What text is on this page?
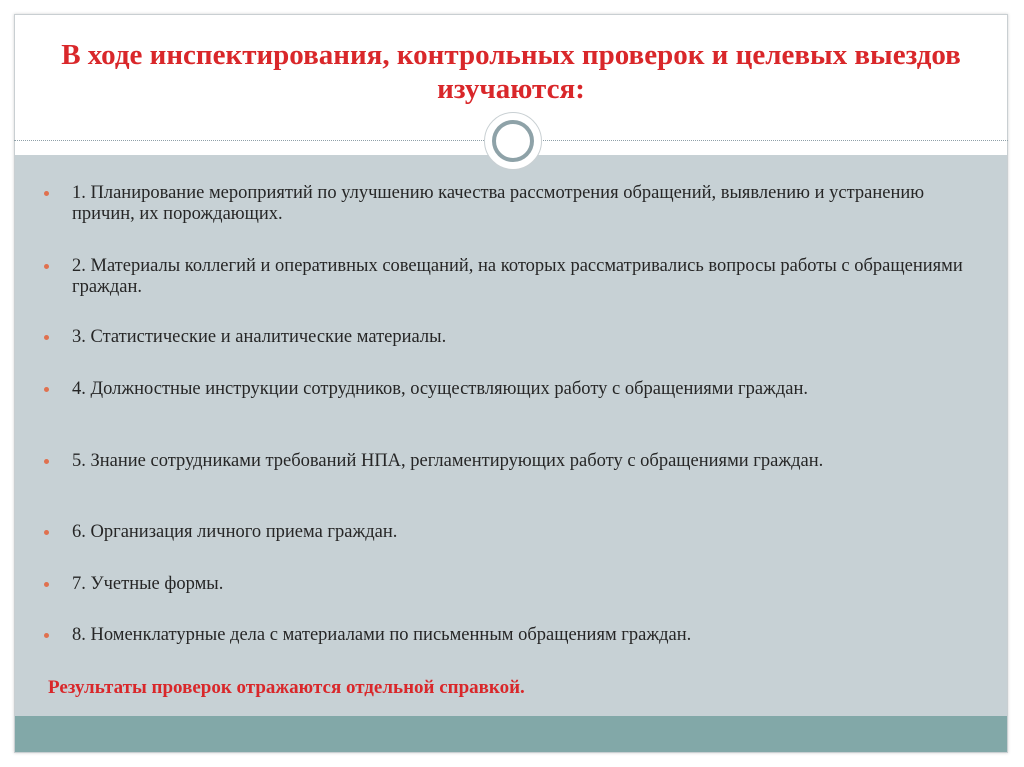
В ходе инспектирования, контрольных проверок и целевых выездов изучаются:
1. Планирование мероприятий по улучшению качества рассмотрения обращений, выявлению и устранению причин, их порождающих.
2. Материалы коллегий и оперативных совещаний, на которых рассматривались вопросы работы с обращениями граждан.
3. Статистические и аналитические материалы.
4. Должностные инструкции сотрудников, осуществляющих работу с обращениями граждан.
5. Знание сотрудниками требований НПА, регламентирующих работу с обращениями граждан.
6. Организация личного приема граждан.
7. Учетные формы.
8. Номенклатурные дела с материалами по письменным обращениям граждан.
Результаты проверок отражаются отдельной справкой.
